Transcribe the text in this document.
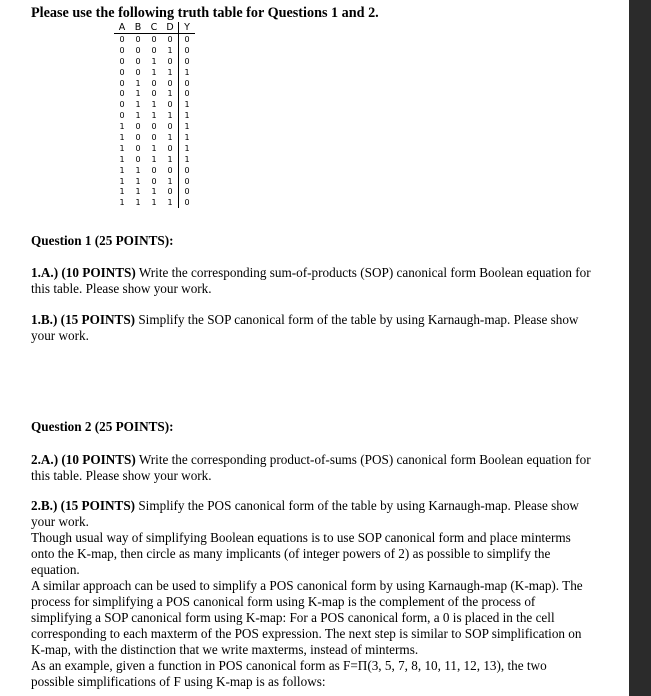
Please use the following truth table for Questions 1 and 2.
A	B	C	D	Y
0	0	0	0	0
0	0	0	1	0
0	0	1	0	0
0	0	1	1	1
0	1	0	0	0
0	1	0	1	0
0	1	1	0	1
0	1	1	1	1
1	0	0	0	1
1	0	0	1	1
1	0	1	0	1
1	0	1	1	1
1	1	0	0	0
1	1	0	1	0
1	1	1	0	0
1	1	1	1	0

Question 1 (25 POINTS):

1.A.) (10 POINTS) Write the corresponding sum-of-products (SOP) canonical form Boolean equation for this table. Please show your work.

1.B.) (15 POINTS) Simplify the SOP canonical form of the table by using Karnaugh-map. Please show your work.

Question 2 (25 POINTS):

2.A.) (10 POINTS) Write the corresponding product-of-sums (POS) canonical form Boolean equation for this table. Please show your work.

2.B.) (15 POINTS) Simplify the POS canonical form of the table by using Karnaugh-map. Please show your work.

Though usual way of simplifying Boolean equations is to use SOP canonical form and place minterms onto the K-map, then circle as many implicants (of integer powers of 2) as possible to simplify the equation.

A similar approach can be used to simplify a POS canonical form by using Karnaugh-map (K-map). The process for simplifying a POS canonical form using K-map is the complement of the process of simplifying a SOP canonical form using K-map: For a POS canonical form, a 0 is placed in the cell corresponding to each maxterm of the POS expression. The next step is similar to SOP simplification on K-map, with the distinction that we write maxterms, instead of minterms.

As an example, given a function in POS canonical form as F=Π(3, 5, 7, 8, 10, 11, 12, 13), the two possible simplifications of F using K-map is as follows:
